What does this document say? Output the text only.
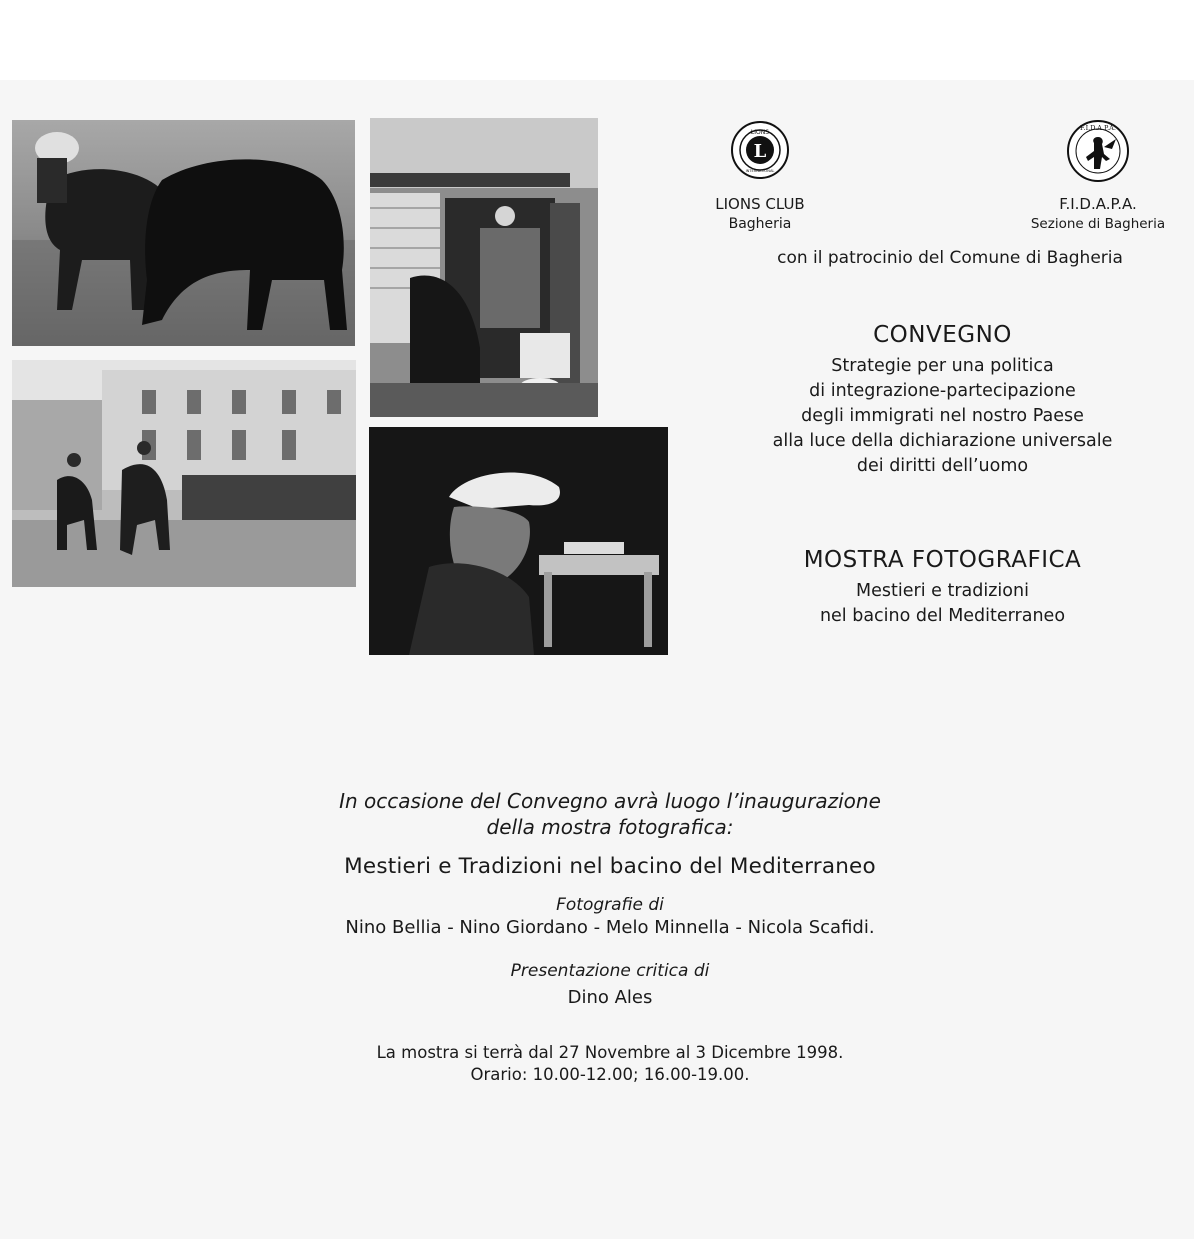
L
LIONS
INTERNATIONAL
LIONS CLUB
Bagheria
F.I.D.A.P.A.
F.I.D.A.P.A.
Sezione di Bagheria
con il patrocinio del Comune di Bagheria
CONVEGNO
Strategie per una politica
di integrazione-partecipazione
degli immigrati nel nostro Paese
alla luce della dichiarazione universale
dei diritti dell’uomo
MOSTRA FOTOGRAFICA
Mestieri e tradizioni
nel bacino del Mediterraneo
In occasione del Convegno avrà luogo l’inaugurazione
della mostra fotografica:
Mestieri e Tradizioni nel bacino del Mediterraneo
Fotografie di
Nino Bellia - Nino Giordano - Melo Minnella - Nicola Scafidi.
Presentazione critica di
Dino Ales
La mostra si terrà dal 27 Novembre al 3 Dicembre 1998.
Orario: 10.00-12.00; 16.00-19.00.
